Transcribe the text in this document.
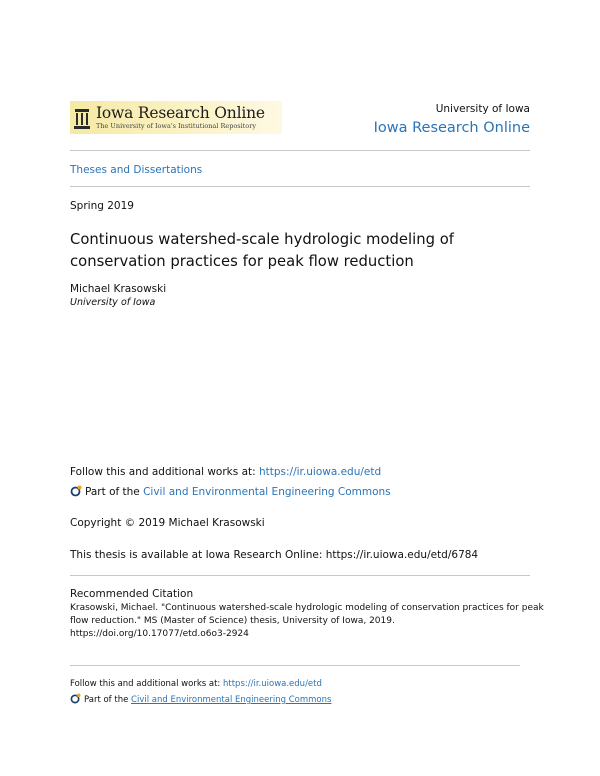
Iowa Research Online
The University of Iowa's Institutional Repository
University of Iowa
Iowa Research Online
Theses and Dissertations
Spring 2019
Continuous watershed-scale hydrologic modeling of conservation practices for peak flow reduction
Michael Krasowski
University of Iowa
Follow this and additional works at: https://ir.uiowa.edu/etd
Part of the Civil and Environmental Engineering Commons
Copyright © 2019 Michael Krasowski
This thesis is available at Iowa Research Online: https://ir.uiowa.edu/etd/6784
Recommended Citation
Krasowski, Michael. "Continuous watershed-scale hydrologic modeling of conservation practices for peak
flow reduction." MS (Master of Science) thesis, University of Iowa, 2019.
https://doi.org/10.17077/etd.o6o3-2924
Follow this and additional works at: https://ir.uiowa.edu/etd
Part of the Civil and Environmental Engineering Commons
